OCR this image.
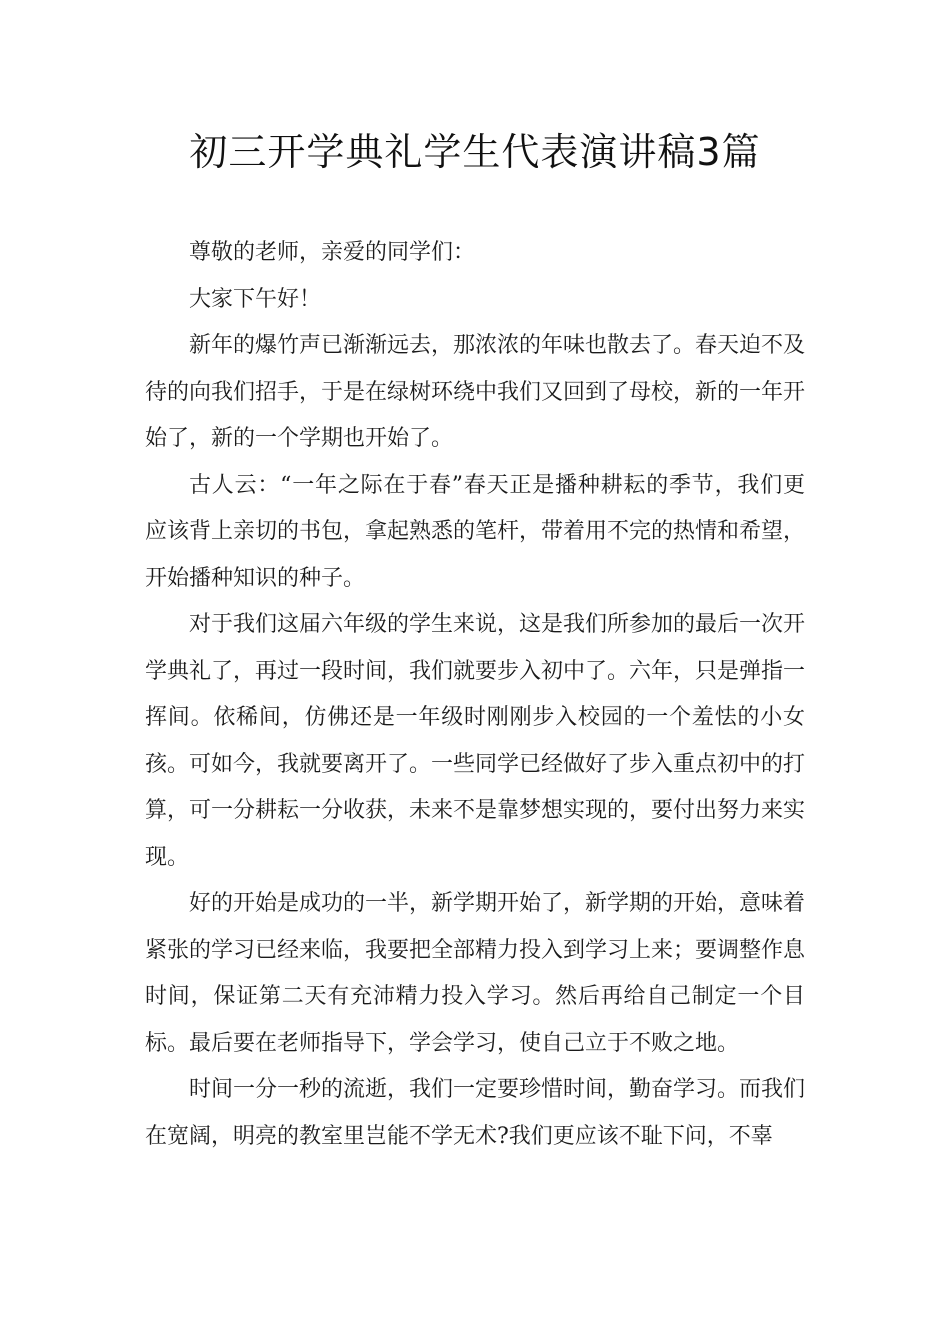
初三开学典礼学生代表演讲稿3篇

尊敬的老师，亲爱的同学们：

大家下午好！

新年的爆竹声已渐渐远去，那浓浓的年味也散去了。春天迫不及待的向我们招手，于是在绿树环绕中我们又回到了母校，新的一年开始了，新的一个学期也开始了。

古人云：“一年之际在于春”春天正是播种耕耘的季节，我们更应该背上亲切的书包，拿起熟悉的笔杆，带着用不完的热情和希望，开始播种知识的种子。

对于我们这届六年级的学生来说，这是我们所参加的最后一次开学典礼了，再过一段时间，我们就要步入初中了。六年，只是弹指一挥间。依稀间，仿佛还是一年级时刚刚步入校园的一个羞怯的小女孩。可如今，我就要离开了。一些同学已经做好了步入重点初中的打算，可一分耕耘一分收获，未来不是靠梦想实现的，要付出努力来实现。

好的开始是成功的一半，新学期开始了，新学期的开始，意味着紧张的学习已经来临，我要把全部精力投入到学习上来；要调整作息时间，保证第二天有充沛精力投入学习。然后再给自己制定一个目标。最后要在老师指导下，学会学习，使自己立于不败之地。

时间一分一秒的流逝，我们一定要珍惜时间，勤奋学习。而我们在宽阔，明亮的教室里岂能不学无术?我们更应该不耻下问，不辜
